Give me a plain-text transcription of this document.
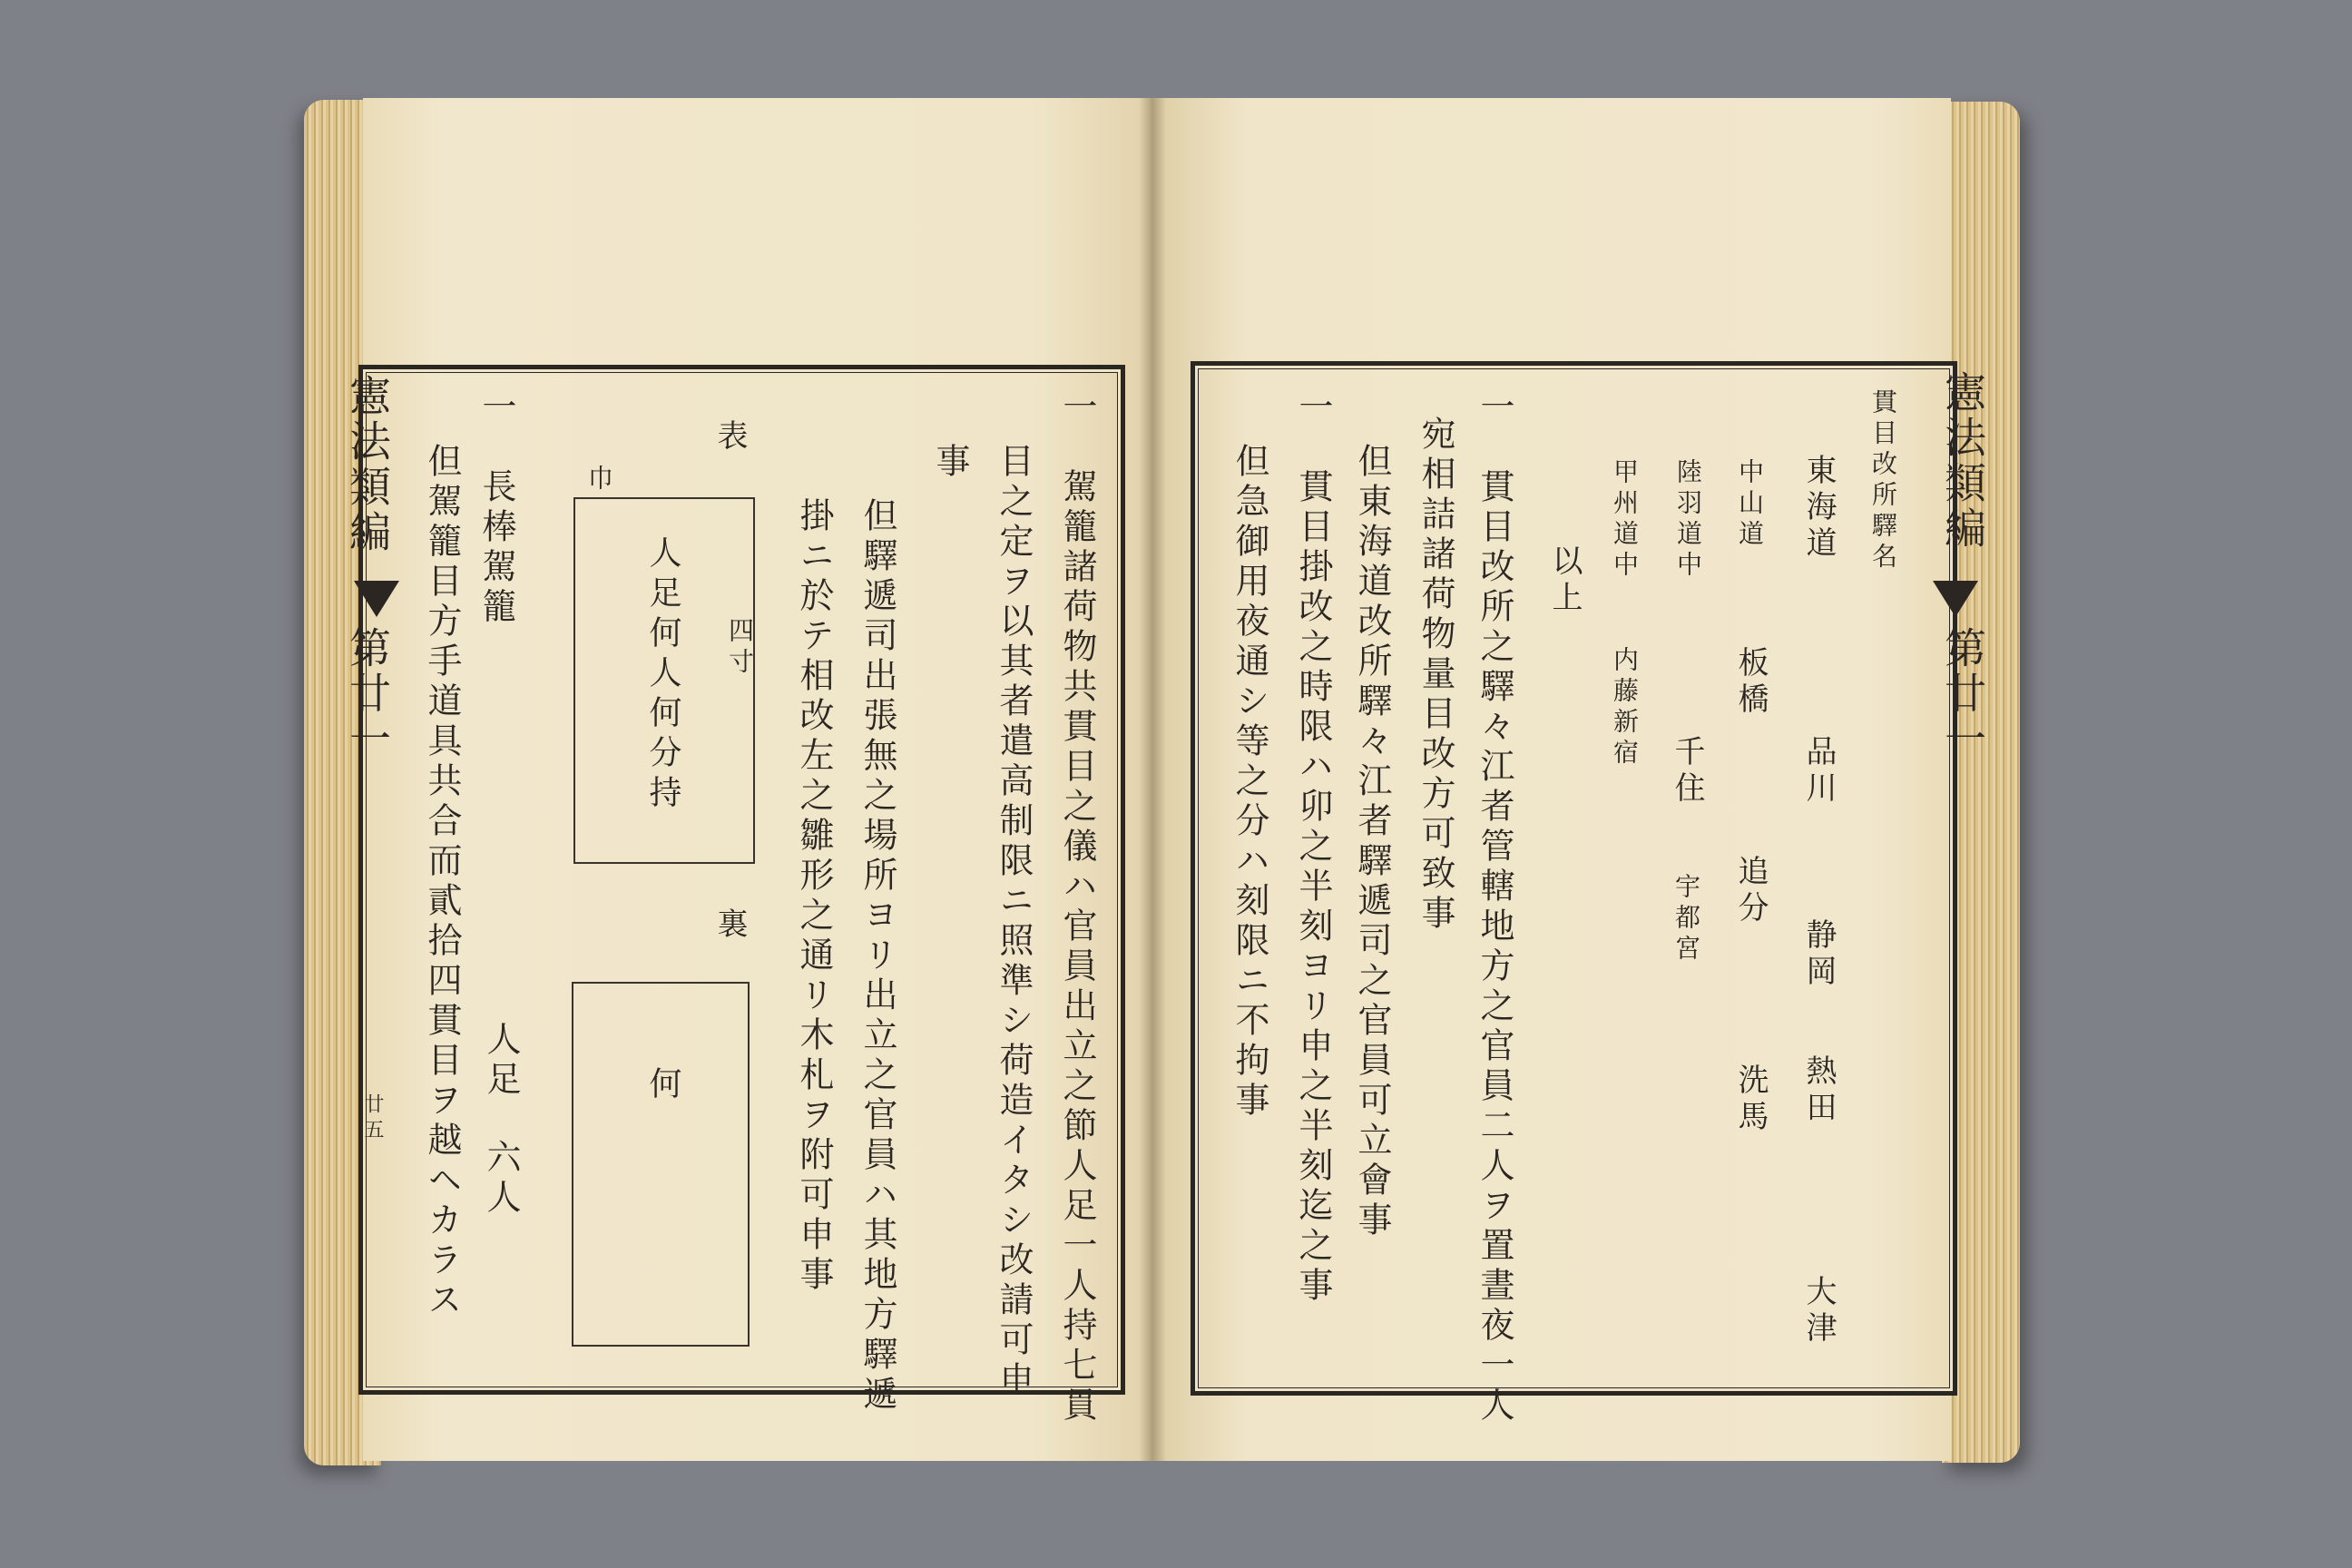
憲法類編
第廿一
廿五	一　駕籠諸荷物共貫目之儀ハ官員出立之節人足一人持七貫
目之定ヲ以其者遣高制限ニ照準シ荷造イタシ改請可申
事
但驛遞司出張無之場所ヨリ出立之官員ハ其地方驛遞
掛ニ於テ相改左之雛形之通リ木札ヲ附可申事
表
四寸
裏
巾
人足何人何分持
何
一　長棒駕籠
但駕籠目方手道具共合而貳拾四貫目ヲ越ヘカラス 人足
六人
憲法類編
第廿一
貫目改所驛名
東海道
品川
静岡
熱田
大津
中山道
板橋
追分
洗馬
陸羽道中
千住
宇都宮
甲州道中
内藤新宿
以上
一　貫目改所之驛々江者管轄地方之官員二人ヲ置晝夜一人
宛相詰諸荷物量目改方可致事
但東海道改所驛々江者驛遞司之官員可立會事
一　貫目掛改之時限ハ卯之半刻ヨリ申之半刻迄之事
但急御用夜通シ等之分ハ刻限ニ不拘事
